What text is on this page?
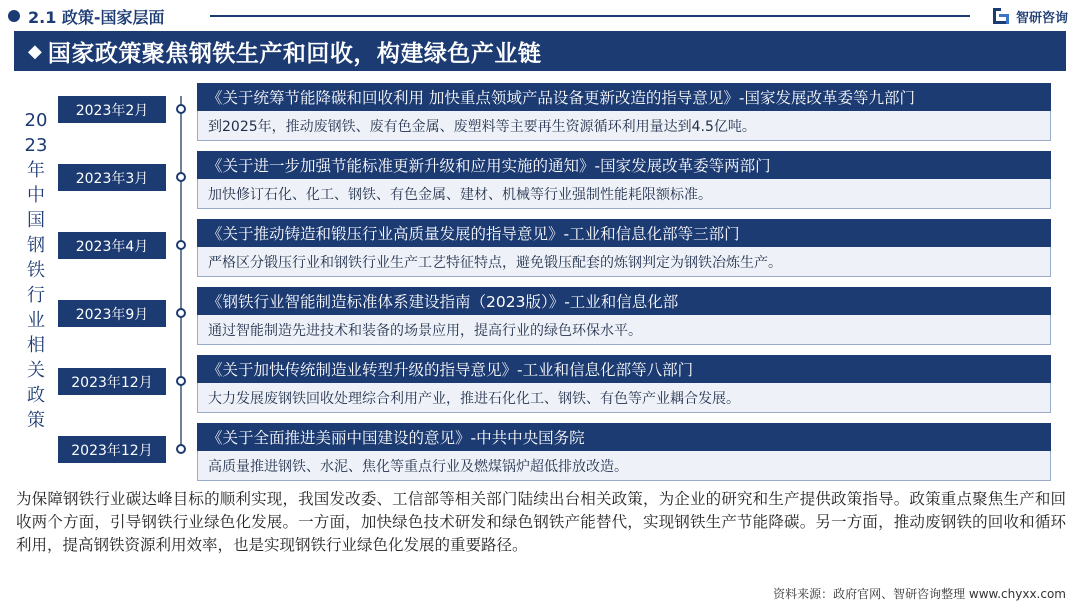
2.1 政策-国家层面	智研咨询
◆ 国家政策聚焦钢铁生产和回收，构建绿色产业链
2023年中国钢铁行业相关政策
2023年2月
2023年3月
2023年4月
2023年9月
2023年12月
2023年12月
《关于统筹节能降碳和回收利用 加快重点领域产品设备更新改造的指导意见》-国家发展改革委等九部门
到2025年，推动废钢铁、废有色金属、废塑料等主要再生资源循环利用量达到4.5亿吨。
《关于进一步加强节能标准更新升级和应用实施的通知》-国家发展改革委等两部门
加快修订石化、化工、钢铁、有色金属、建材、机械等行业强制性能耗限额标准。
《关于推动铸造和锻压行业高质量发展的指导意见》-工业和信息化部等三部门
严格区分锻压行业和钢铁行业生产工艺特征特点，避免锻压配套的炼钢判定为钢铁冶炼生产。
《钢铁行业智能制造标准体系建设指南（2023版）》-工业和信息化部
通过智能制造先进技术和装备的场景应用，提高行业的绿色环保水平。
《关于加快传统制造业转型升级的指导意见》-工业和信息化部等八部门
大力发展废钢铁回收处理综合利用产业，推进石化化工、钢铁、有色等产业耦合发展。
《关于全面推进美丽中国建设的意见》-中共中央国务院
高质量推进钢铁、水泥、焦化等重点行业及燃煤锅炉超低排放改造。
为保障钢铁行业碳达峰目标的顺利实现，我国发改委、工信部等相关部门陆续出台相关政策，为企业的研究和生产提供政策指导。政策重点聚焦生产和回收两个方面，引导钢铁行业绿色化发展。一方面，加快绿色技术研发和绿色钢铁产能替代，实现钢铁生产节能降碳。另一方面，推动废钢铁的回收和循环利用，提高钢铁资源利用效率，也是实现钢铁行业绿色化发展的重要路径。
资料来源：政府官网、智研咨询整理 www.chyxx.com
